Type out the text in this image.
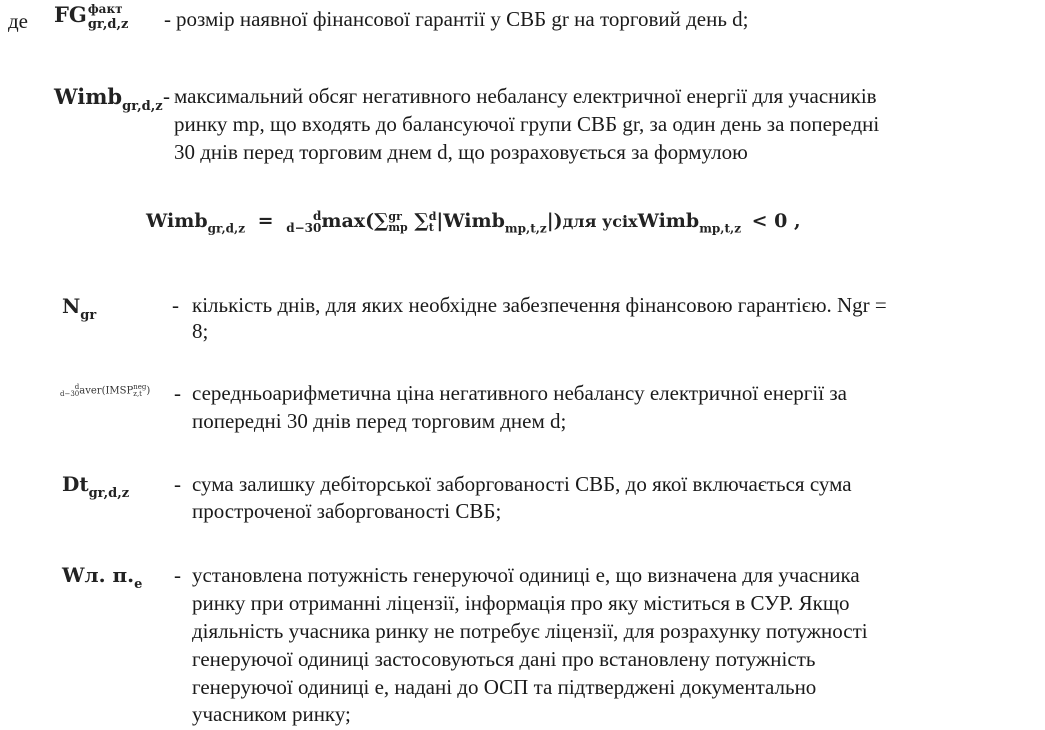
де FG факт
gr,d,z - розмір наявної фінансової гарантії у СВБ gr на торговий день d;
Wimb$_{gr,d,z}$ - максимальний обсяг негативного небалансу електричної енергії для учасників
ринку mp, що входять до балансуючої групи СВБ gr, за один день за попередні
30 днів перед торговим днем d, що розраховується за формулою
Wimb$_{gr,d,z}$ =	d
d−30 max(∑ gr
mp ∑ d
t |Wimb$_{mp,t,z}$|)для усіхWimb$_{mp,t,z}$ < 0 ,
$N_{gr}$	- кількість днів, для яких необхідне забезпечення фінансовою гарантією. Ngr =
8;
d
d−30 aver(IMSP neg
z,t ) - середньоарифметична ціна негативного небалансу електричної енергії за
попередні 30 днів перед торговим днем d;
$Dt_{gr,d,z}$ - сума залишку дебіторської заборгованості СВБ, до якої включається сума
простроченої заборгованості СВБ;
Wл. $п._e$ - установлена потужність генеруючої одиниці е, що визначена для учасника
ринку при отриманні ліцензії, інформація про яку міститься в СУР. Якщо
діяльність учасника ринку не потребує ліцензії, для розрахунку потужності
генеруючої одиниці застосовуються дані про встановлену потужність
генеруючої одиниці е, надані до ОСП та підтверджені документально
учасником ринку;
